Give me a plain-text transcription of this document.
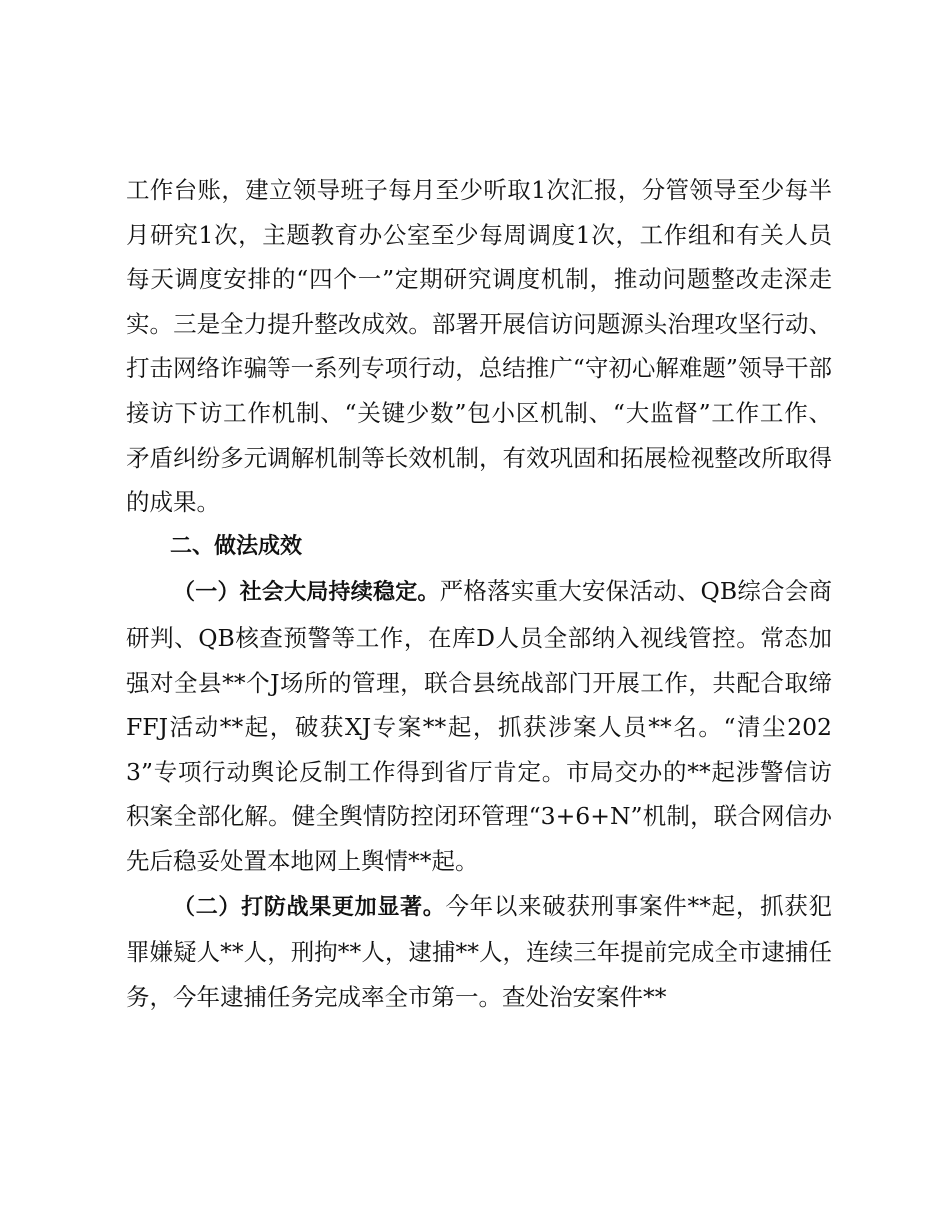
工作台账，建立领导班子每月至少听取1次汇报，分管领导至少每半月研究1次，主题教育办公室至少每周调度1次，工作组和有关人员每天调度安排的“四个一”定期研究调度机制，推动问题整改走深走实。三是全力提升整改成效。部署开展信访问题源头治理攻坚行动、打击网络诈骗等一系列专项行动，总结推广“守初心解难题”领导干部接访下访工作机制、“关键少数”包小区机制、“大监督”工作工作、矛盾纠纷多元调解机制等长效机制，有效巩固和拓展检视整改所取得的成果。

二、做法成效

（一）社会大局持续稳定。严格落实重大安保活动、QB综合会商研判、QB核查预警等工作，在库D人员全部纳入视线管控。常态加强对全县**个J场所的管理，联合县统战部门开展工作，共配合取缔FFJ活动**起，破获XJ专案**起，抓获涉案人员**名。“清尘2023”专项行动舆论反制工作得到省厅肯定。市局交办的**起涉警信访积案全部化解。健全舆情防控闭环管理“3+6+N”机制，联合网信办先后稳妥处置本地网上舆情**起。

（二）打防战果更加显著。今年以来破获刑事案件**起，抓获犯罪嫌疑人**人，刑拘**人，逮捕**人，连续三年提前完成全市逮捕任务，今年逮捕任务完成率全市第一。查处治安案件**
